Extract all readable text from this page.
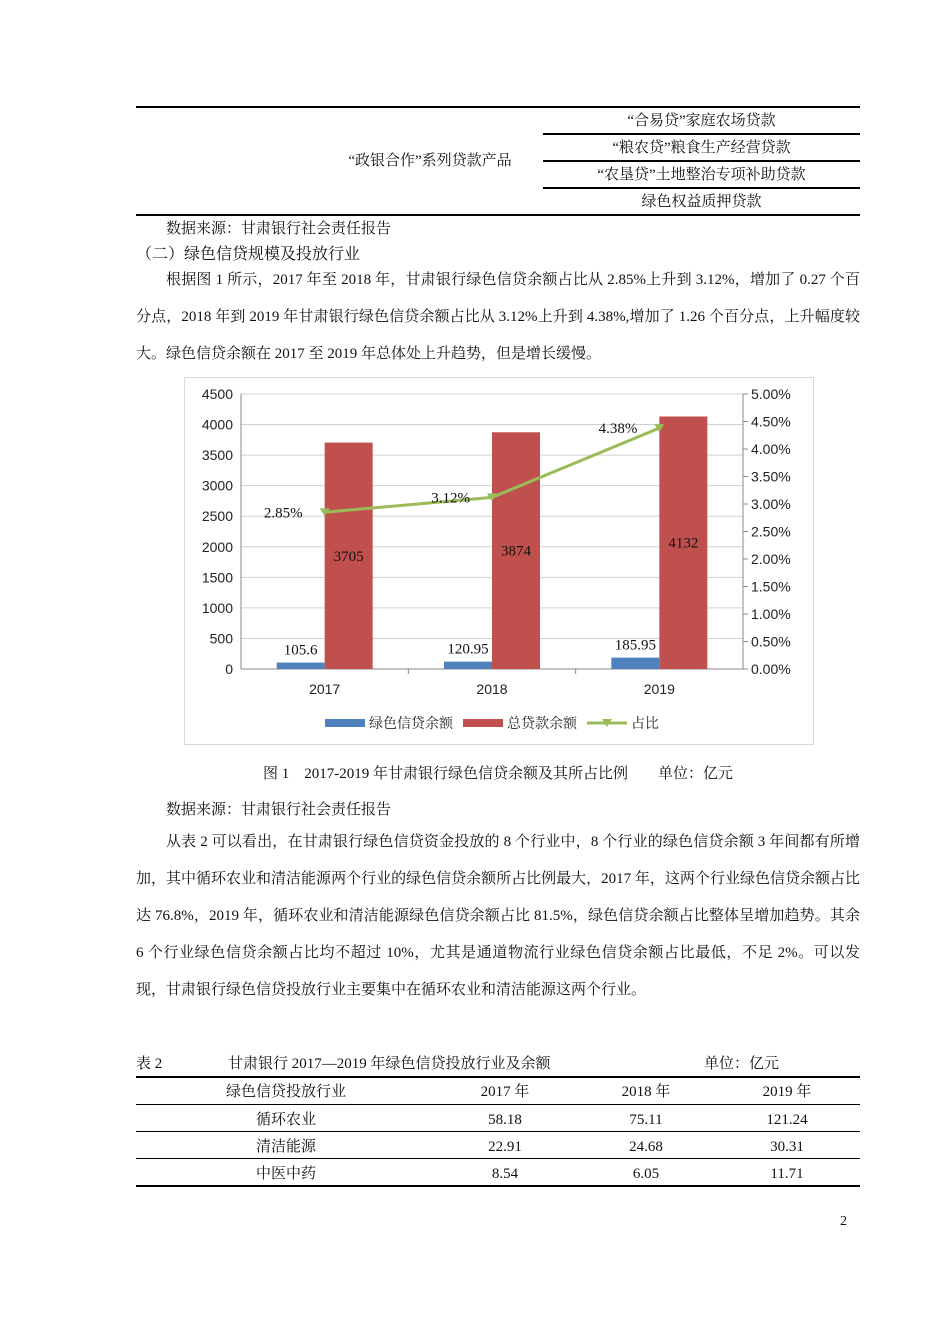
“政银合作”系列贷款产品
“合易贷”家庭农场贷款
“粮农贷”粮食生产经营贷款
“农垦贷”土地整治专项补助贷款
绿色权益质押贷款
数据来源：甘肃银行社会责任报告
（二）绿色信贷规模及投放行业

根据图 1 所示，2017 年至 2018 年，甘肃银行绿色信贷余额占比从 2.85%上升到 3.12%，增加了 0.27 个百分点，2018 年到 2019 年甘肃银行绿色信贷余额占比从 3.12%上升到 4.38%,增加了 1.26 个百分点，上升幅度较大。绿色信贷余额在 2017 至 2019 年总体处上升趋势，但是增长缓慢。

0
500
1000
1500
2000
2500
3000
3500
4000
4500
0.00%
0.50%
1.00%
1.50%
2.00%
2.50%
3.00%
3.50%
4.00%
4.50%
5.00%
2017	2018	2019
105.6	120.95	185.95
3705	3874	4132
2.85%
3.12%
4.38%
绿色信贷余额	总贷款余额	占比
图 1　2017-2019 年甘肃银行绿色信贷余额及其所占比例　　单位：亿元
数据来源：甘肃银行社会责任报告

从表 2 可以看出，在甘肃银行绿色信贷资金投放的 8 个行业中，8 个行业的绿色信贷余额 3 年间都有所增加，其中循环农业和清洁能源两个行业的绿色信贷余额所占比例最大，2017 年，这两个行业绿色信贷余额占比达 76.8%，2019 年，循环农业和清洁能源绿色信贷余额占比 81.5%，绿色信贷余额占比整体呈增加趋势。其余 6 个行业绿色信贷余额占比均不超过 10%，尤其是通道物流行业绿色信贷余额占比最低，不足 2%。可以发现，甘肃银行绿色信贷投放行业主要集中在循环农业和清洁能源这两个行业。

表 2	甘肃银行 2017—2019 年绿色信贷投放行业及余额	单位：亿元
绿色信贷投放行业	2017 年	2018 年	2019 年
循环农业	58.18	75.11	121.24
清洁能源	22.91	24.68	30.31
中医中药	8.54	6.05	11.71
2
